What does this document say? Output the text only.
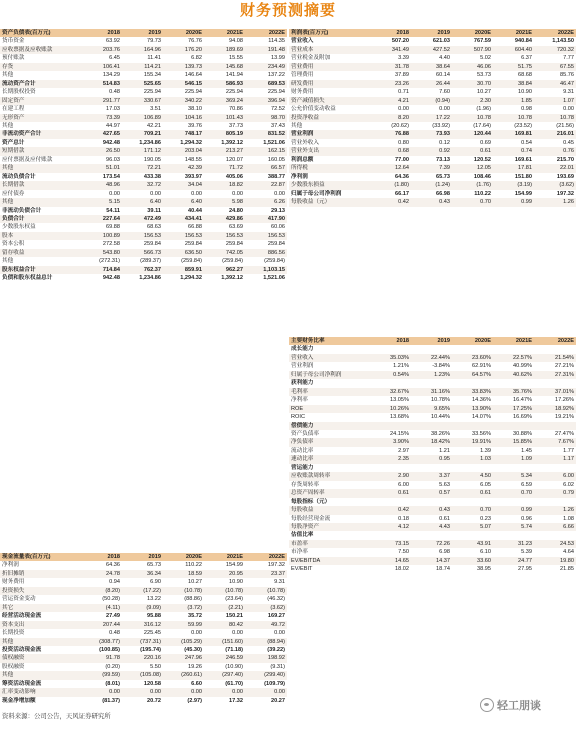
财务预测摘要
资产负债表(百万元)	2018	2019	2020E	2021E	2022E
货币资金	63.92	79.73	76.76	94.08	114.35
应收票据及应收账款	203.76	164.96	176.20	189.69	191.48
预付账款	6.45	11.41	6.82	15.55	13.99
存货	106.41	114.21	139.73	145.68	234.49
其他	134.29	155.34	146.64	141.94	137.22
流动资产合计	514.83	525.65	546.15	586.93	689.53
长期股权投资	0.48	225.94	225.94	225.94	225.94
固定资产	291.77	330.67	340.22	369.24	396.94
在建工程	17.03	3.51	38.10	70.86	72.52
无形资产	73.39	106.89	104.16	101.43	98.70
其他	44.97	42.21	39.76	37.73	37.43
非流动资产合计	427.65	709.21	748.17	805.19	831.52
资产总计	942.48	1,234.86	1,294.32	1,392.12	1,521.06
短期借款	26.50	171.12	203.04	213.27	162.15
应付票据及应付账款	96.03	190.05	148.55	120.07	160.05
其他	51.01	72.21	42.39	71.72	66.57
流动负债合计	173.54	433.38	393.97	405.06	388.77
长期借款	48.96	32.72	34.04	18.82	22.87
应付债券	0.00	0.00	0.00	0.00	0.00
其他	5.15	6.40	6.40	5.98	6.26
非流动负债合计	54.11	39.11	40.44	24.80	29.13
负债合计	227.64	472.49	434.41	429.86	417.90
少数股东权益	69.88	68.63	66.88	63.69	60.06
股本	100.89	156.53	156.53	156.53	156.53
资本公积	272.58	259.84	259.84	259.84	259.84
留存收益	543.80	566.73	636.50	742.05	886.56
其他	(272.31)	(289.37)	(259.84)	(259.84)	(259.84)
股东权益合计	714.84	762.37	859.91	962.27	1,103.15
负债和股东权益总计	942.48	1,234.86	1,294.32	1,392.12	1,521.06
利润表(百万元)	2018	2019	2020E	2021E	2022E
营业收入	507.20	621.03	767.59	940.84	1,143.50
营业成本	341.49	427.52	507.90	604.40	720.32
营业税金及附加	3.39	4.40	5.02	6.37	7.77
营业费用	31.78	38.64	46.06	51.75	67.55
管理费用	37.89	60.14	53.73	68.68	85.76
研发费用	23.26	26.44	30.70	38.84	46.47
财务费用	0.71	7.60	10.27	10.90	9.31
资产减值损失	4.21	(0.94)	2.30	1.85	1.07
公允价值变动收益	0.00	0.00	(1.96)	0.98	0.00
投资净收益	8.20	17.22	10.78	10.78	10.78
其他	(20.62)	(33.92)	(17.64)	(23.52)	(21.56)
营业利润	76.88	73.93	120.44	169.81	216.01
营业外收入	0.80	0.12	0.69	0.54	0.45
营业外支出	0.68	0.92	0.61	0.74	0.76
利润总额	77.00	73.13	120.52	169.61	215.70
所得税	12.64	7.39	12.05	17.81	22.01
净利润	64.36	65.73	108.46	151.80	193.69
少数股东损益	(1.80)	(1.24)	(1.76)	(3.19)	(3.62)
归属于母公司净利润	66.17	66.98	110.22	154.99	197.32
每股收益（元）	0.42	0.43	0.70	0.99	1.26
现金流量表(百万元)	2018	2019	2020E	2021E	2022E
净利润	64.36	65.73	110.22	154.99	197.32
折旧摊销	24.78	36.34	18.59	20.95	23.37
财务费用	0.94	6.90	10.27	10.90	9.31
投资损失	(8.20)	(17.22)	(10.78)	(10.78)	(10.78)
营运资金变动	(50.28)	13.22	(88.86)	(23.64)	(46.32)
其它	(4.11)	(9.09)	(3.72)	(2.21)	(3.62)
经营活动现金流	27.49	95.88	35.72	150.21	169.27
资本支出	207.44	316.12	59.99	80.42	49.72
长期投资	0.48	225.45	0.00	0.00	0.00
其他	(308.77)	(737.31)	(105.29)	(151.60)	(88.94)
投资活动现金流	(100.85)	(195.74)	(45.30)	(71.18)	(39.22)
债权融资	91.78	220.16	247.96	246.59	198.92
股权融资	(0.20)	5.50	19.26	(10.90)	(9.31)
其他	(99.59)	(105.08)	(260.61)	(297.40)	(299.40)
筹资活动现金流	(8.01)	120.58	6.60	(61.70)	(109.79)
汇率变动影响	0.00	0.00	0.00	0.00	0.00
现金净增加额	(81.37)	20.72	(2.97)	17.32	20.27
主要财务比率	2018	2019	2020E	2021E	2022E
成长能力					
营业收入	35.03%	22.44%	23.60%	22.57%	21.54%
营业利润	1.21%	-3.84%	62.91%	40.99%	27.21%
归属于母公司净利润	0.54%	1.23%	64.57%	40.62%	27.31%
获利能力					
毛利率	32.67%	31.16%	33.83%	35.76%	37.01%
净利率	13.05%	10.78%	14.36%	16.47%	17.26%
ROE	10.26%	9.65%	13.90%	17.25%	18.92%
ROIC	13.68%	10.44%	14.07%	16.69%	19.21%
偿债能力					
资产负债率	24.15%	38.26%	33.56%	30.88%	27.47%
净负债率	3.90%	18.42%	19.91%	15.85%	7.67%
流动比率	2.97	1.21	1.39	1.45	1.77
速动比率	2.35	0.95	1.03	1.09	1.17
营运能力					
应收账款周转率	2.90	3.37	4.50	5.34	6.00
存货周转率	6.00	5.63	6.05	6.59	6.02
总资产周转率	0.61	0.57	0.61	0.70	0.79
每股指标（元）					
每股收益	0.42	0.43	0.70	0.99	1.26
每股经营现金流	0.18	0.61	0.23	0.96	1.08
每股净资产	4.12	4.43	5.07	5.74	6.66
估值比率					
市盈率	73.15	72.26	43.91	31.23	24.53
市净率	7.50	6.98	6.10	5.39	4.64
EV/EBITDA	14.65	14.37	33.60	24.77	19.80
EV/EBIT	18.02	18.74	38.95	27.95	21.85
资料来源：公司公告，天风证券研究所
轻工朋谈
